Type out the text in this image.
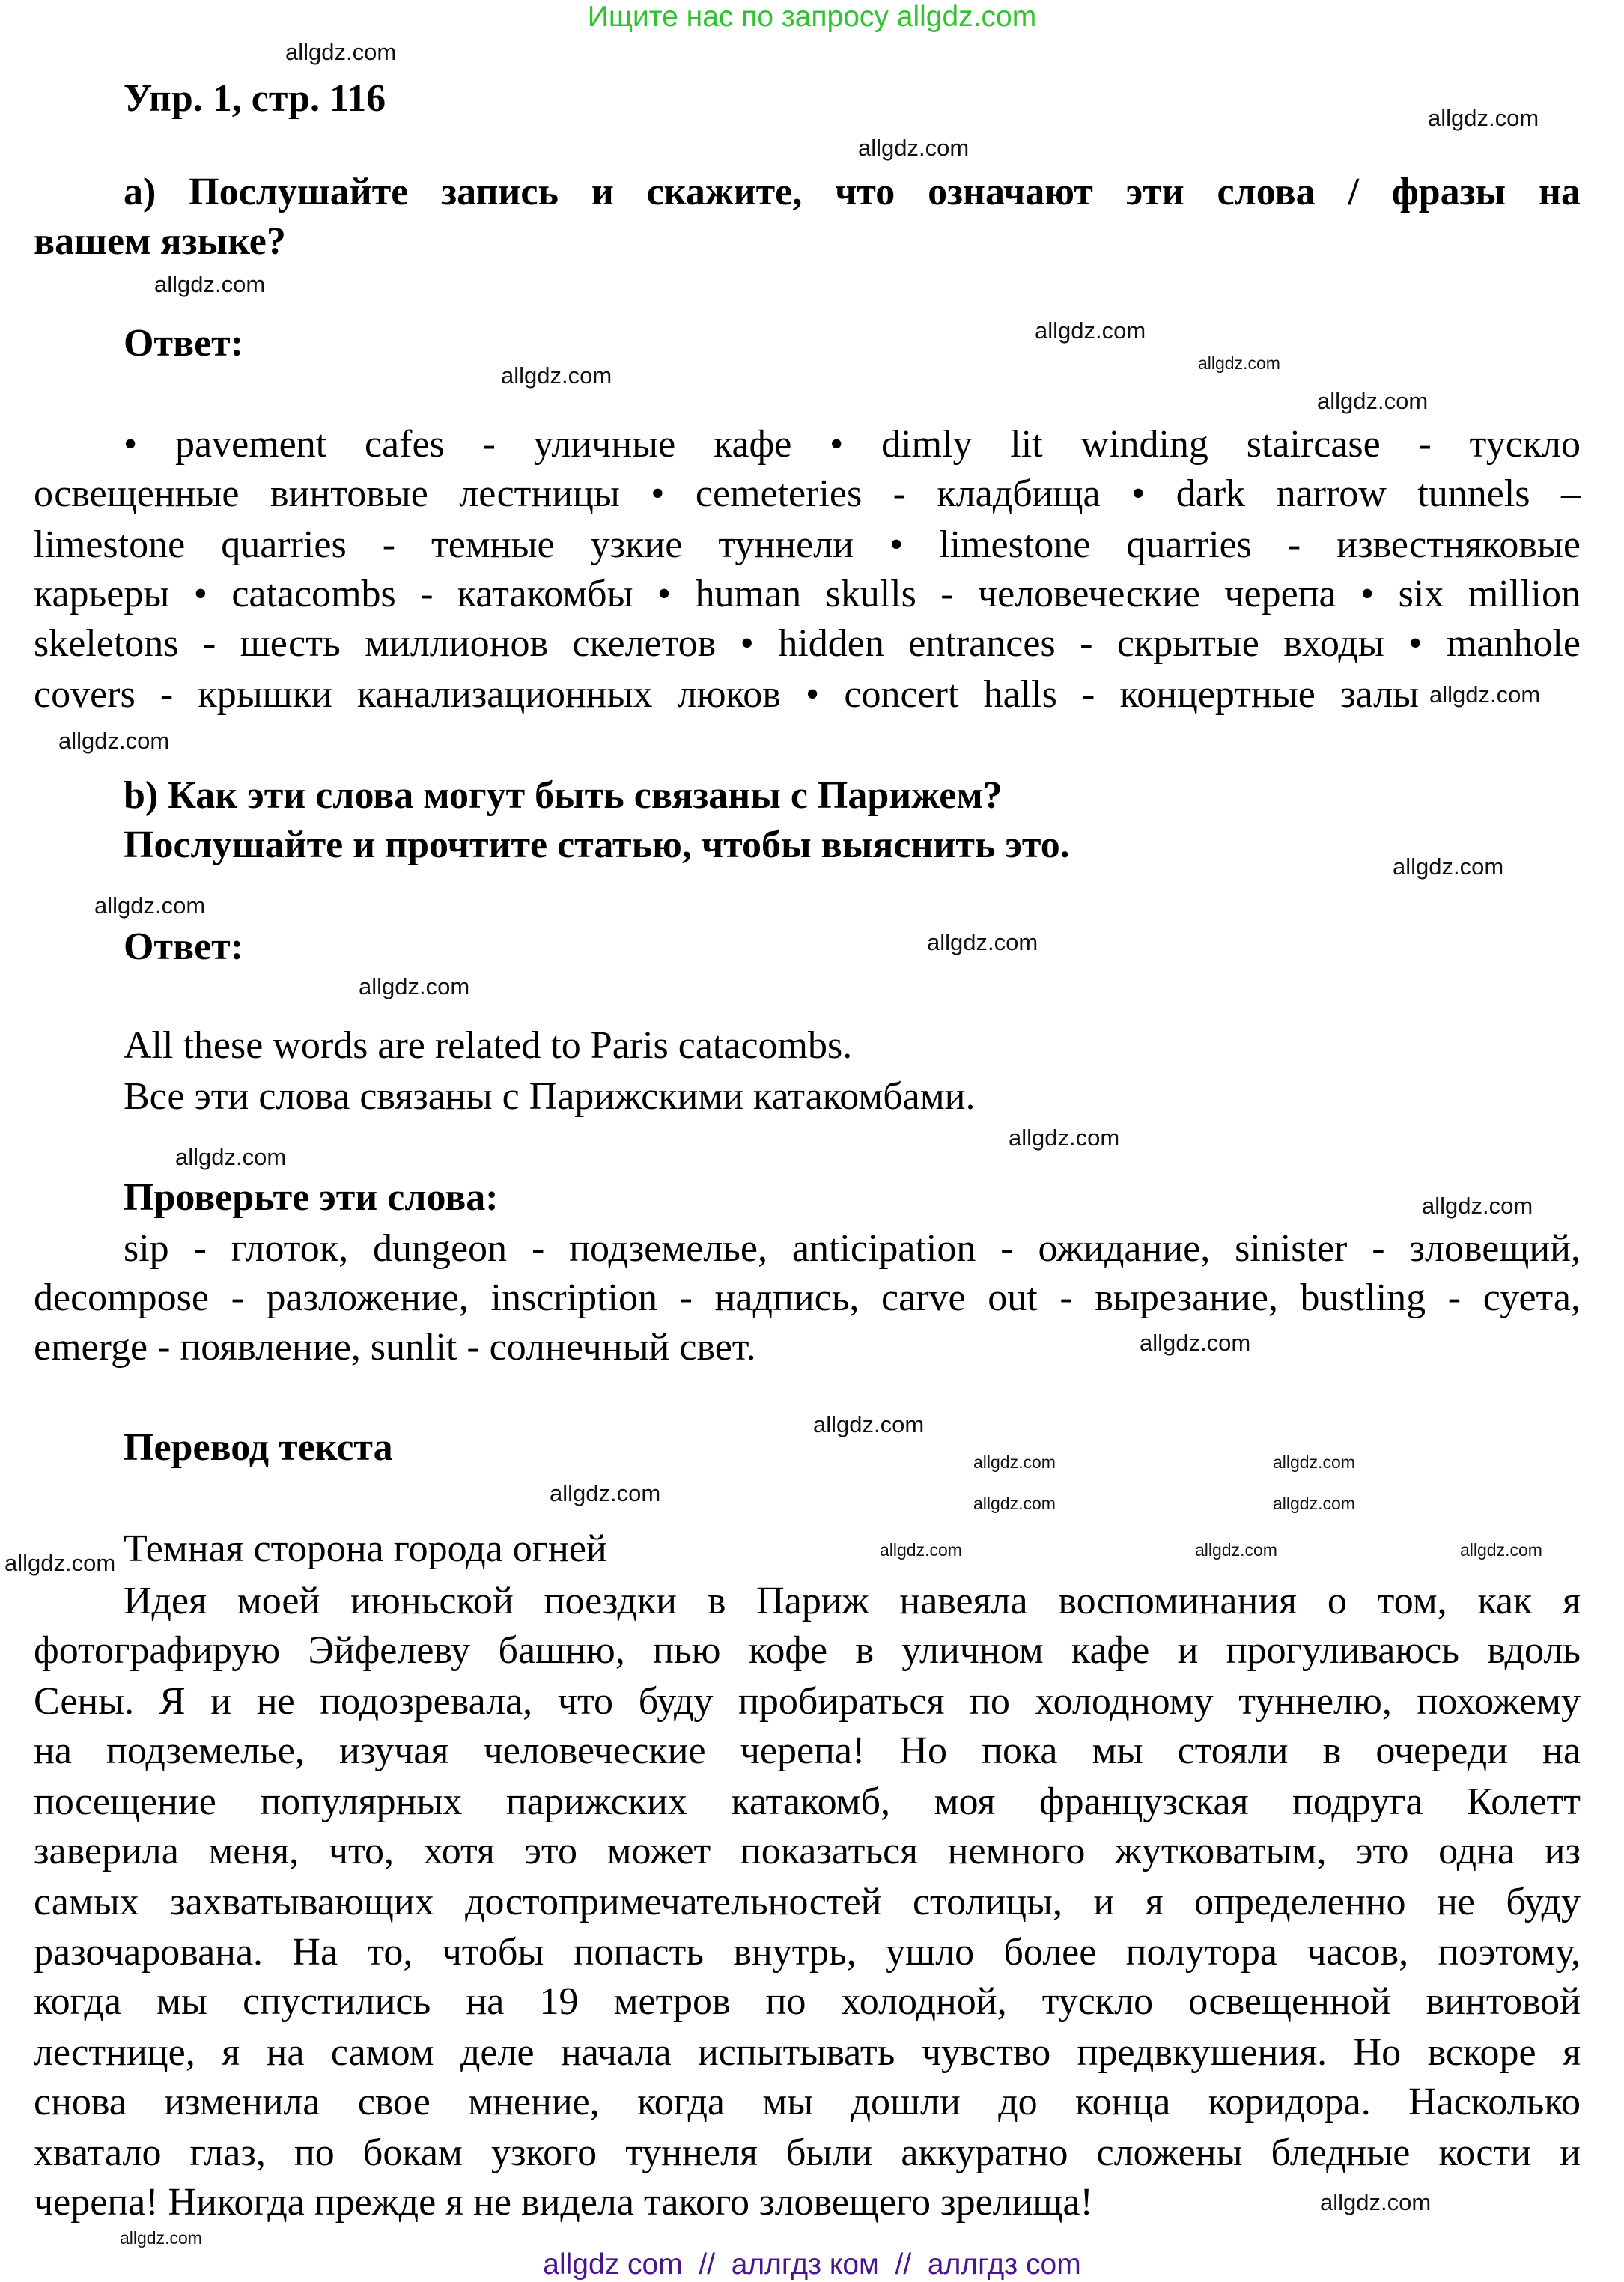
Ищите нас по запросу allgdz.com
Упр. 1, стр. 116
а) Послушайте запись и скажите, что означают эти слова / фразы на
вашем языке?
Ответ:
• pavement cafes - уличные кафе • dimly lit winding staircase - тускло
освещенные винтовые лестницы • cemeteries - кладбища • dark narrow tunnels –
limestone quarries - темные узкие туннели • limestone quarries - известняковые
карьеры • catacombs - катакомбы • human skulls - человеческие черепа • six million
skeletons - шесть миллионов скелетов • hidden entrances - скрытые входы • manhole
covers - крышки канализационных люков • concert halls - концертные залы
b) Как эти слова могут быть связаны с Парижем?
Послушайте и прочтите статью, чтобы выяснить это.
Ответ:
All these words are related to Paris catacombs.
Все эти слова связаны с Парижскими катакомбами.
Проверьте эти слова:
sip - глоток, dungeon - подземелье, anticipation - ожидание, sinister - зловещий,
decompose - разложение, inscription - надпись, carve out - вырезание, bustling - суета,
emerge - появление, sunlit - солнечный свет.
Перевод текста
Темная сторона города огней
Идея моей июньской поездки в Париж навеяла воспоминания о том, как я
фотографирую Эйфелеву башню, пью кофе в уличном кафе и прогуливаюсь вдоль
Сены. Я и не подозревала, что буду пробираться по холодному туннелю, похожему
на подземелье, изучая человеческие черепа! Но пока мы стояли в очереди на
посещение популярных парижских катакомб, моя французская подруга Колетт
заверила меня, что, хотя это может показаться немного жутковатым, это одна из
самых захватывающих достопримечательностей столицы, и я определенно не буду
разочарована. На то, чтобы попасть внутрь, ушло более полутора часов, поэтому,
когда мы спустились на 19 метров по холодной, тускло освещенной винтовой
лестнице, я на самом деле начала испытывать чувство предвкушения. Но вскоре я
снова изменила свое мнение, когда мы дошли до конца коридора. Насколько
хватало глаз, по бокам узкого туннеля были аккуратно сложены бледные кости и
черепа! Никогда прежде я не видела такого зловещего зрелища!
allgdz.com
allgdz.com
allgdz.com
allgdz.com
allgdz.com
allgdz.com
allgdz.com
allgdz.com
allgdz.com
allgdz.com
allgdz.com
allgdz.com
allgdz.com
allgdz.com
allgdz.com
allgdz.com
allgdz.com
allgdz.com
allgdz.com
allgdz.com
allgdz.com	allgdz.com	allgdz.com	allgdz.com
allgdz.com	allgdz.com
allgdz.com	allgdz.com
allgdz.com
allgdz.com
allgdz com  //  аллгдз ком  //  аллгдз com
